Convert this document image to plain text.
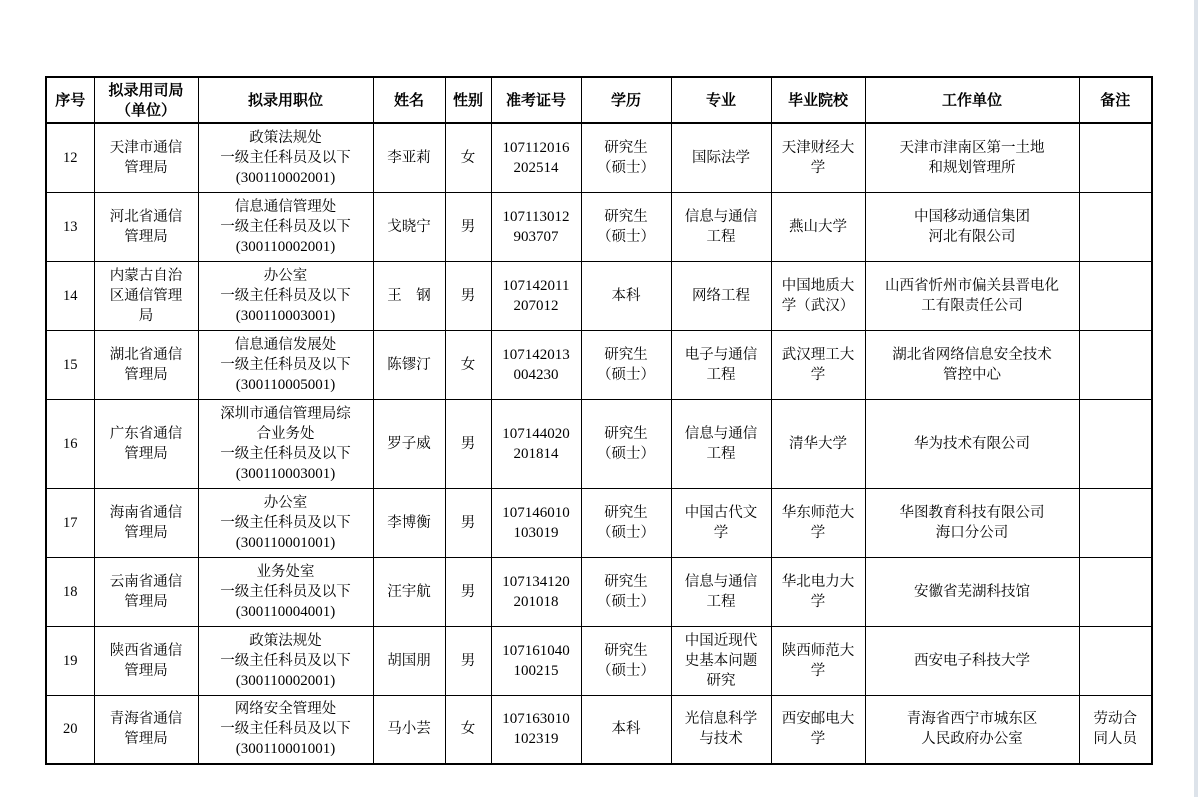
序号	拟录用司局
（单位）	拟录用职位	姓名	性别	准考证号	学历	专业	毕业院校	工作单位	备注

12	天津市通信
管理局	政策法规处
一级主任科员及以下
(300110002001)	李亚莉	女	107112016
202514	研究生
（硕士）	国际法学	天津财经大
学	天津市津南区第一土地
和规划管理所	

13	河北省通信
管理局	信息通信管理处
一级主任科员及以下
(300110002001)	戈晓宁	男	107113012
903707	研究生
（硕士）	信息与通信
工程	燕山大学	中国移动通信集团
河北有限公司	

14	内蒙古自治
区通信管理
局	办公室
一级主任科员及以下
(300110003001)	王　钢	男	107142011
207012	本科	网络工程	中国地质大
学（武汉）	山西省忻州市偏关县晋电化
工有限责任公司	

15	湖北省通信
管理局	信息通信发展处
一级主任科员及以下
(300110005001)	陈镠汀	女	107142013
004230	研究生
（硕士）	电子与通信
工程	武汉理工大
学	湖北省网络信息安全技术
管控中心	

16	广东省通信
管理局	深圳市通信管理局综
合业务处
一级主任科员及以下
(300110003001)	罗子威	男	107144020
201814	研究生
（硕士）	信息与通信
工程	清华大学	华为技术有限公司	

17	海南省通信
管理局	办公室
一级主任科员及以下
(300110001001)	李博衡	男	107146010
103019	研究生
（硕士）	中国古代文
学	华东师范大
学	华图教育科技有限公司
海口分公司	

18	云南省通信
管理局	业务处室
一级主任科员及以下
(300110004001)	汪宇航	男	107134120
201018	研究生
（硕士）	信息与通信
工程	华北电力大
学	安徽省芜湖科技馆	

19	陕西省通信
管理局	政策法规处
一级主任科员及以下
(300110002001)	胡国朋	男	107161040
100215	研究生
（硕士）	中国近现代
史基本问题
研究	陕西师范大
学	西安电子科技大学	

20	青海省通信
管理局	网络安全管理处
一级主任科员及以下
(300110001001)	马小芸	女	107163010
102319	本科	光信息科学
与技术	西安邮电大
学	青海省西宁市城东区
人民政府办公室	劳动合
同人员
